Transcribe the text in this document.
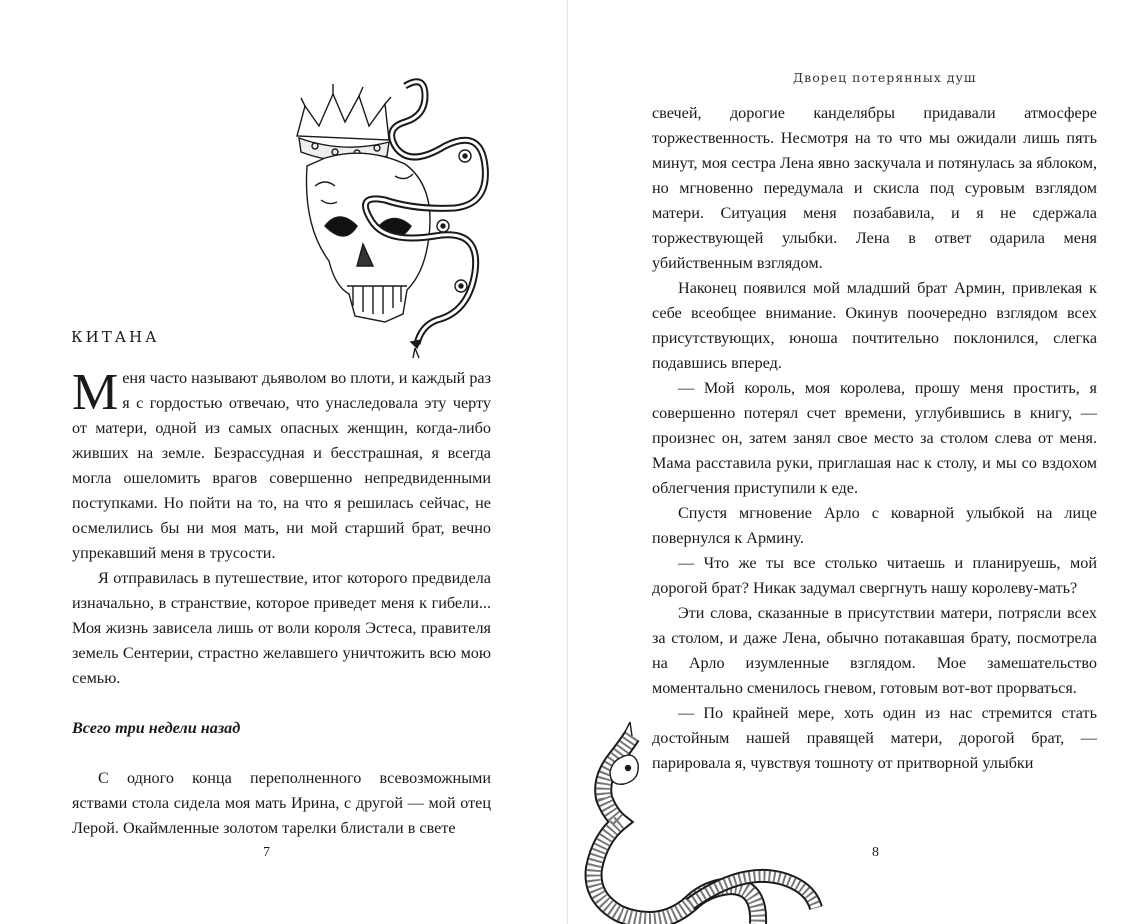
КИТАНА

Меня часто называют дьяволом во плоти, и каждый раз я с гордостью отвечаю, что унаследовала эту черту от матери, одной из самых опасных женщин, когда-либо живших на земле. Безрассудная и бесстрашная, я всегда могла ошеломить врагов совершенно непредвиденными поступками. Но пойти на то, на что я решилась сейчас, не осмелились бы ни моя мать, ни мой старший брат, вечно упрекавший меня в трусости.

Я отправилась в путешествие, итог которого предвидела изначально, в странствие, которое приведет меня к гибели... Моя жизнь зависела лишь от воли короля Эстеса, правителя земель Сентерии, страстно желавшего уничтожить всю мою семью.

Всего три недели назад

С одного конца переполненного всевозможными яствами стола сидела моя мать Ирина, с другой — мой отец Лерой. Окаймленные золотом тарелки блистали в свете

7
Дворец потерянных душ

свечей, дорогие канделябры придавали атмосфере торжественность. Несмотря на то что мы ожидали лишь пять минут, моя сестра Лена явно заскучала и потянулась за яблоком, но мгновенно передумала и скисла под суровым взглядом матери. Ситуация меня позабавила, и я не сдержала торжествующей улыбки. Лена в ответ одарила меня убийственным взглядом.

Наконец появился мой младший брат Армин, привлекая к себе всеобщее внимание. Окинув поочередно взглядом всех присутствующих, юноша почтительно поклонился, слегка подавшись вперед.

— Мой король, моя королева, прошу меня простить, я совершенно потерял счет времени, углубившись в книгу, — произнес он, затем занял свое место за столом слева от меня. Мама расставила руки, приглашая нас к столу, и мы со вздохом облегчения приступили к еде.

Спустя мгновение Арло с коварной улыбкой на лице повернулся к Армину.

— Что же ты все столько читаешь и планируешь, мой дорогой брат? Никак задумал свергнуть нашу королеву-мать?

Эти слова, сказанные в присутствии матери, потрясли всех за столом, и даже Лена, обычно потакавшая брату, посмотрела на Арло изумленные взглядом. Мое замешательство моментально сменилось гневом, готовым вот-вот прорваться.

— По крайней мере, хоть один из нас стремится стать достойным нашей правящей матери, дорогой брат, — парировала я, чувствуя тошноту от притворной улыбки

8
